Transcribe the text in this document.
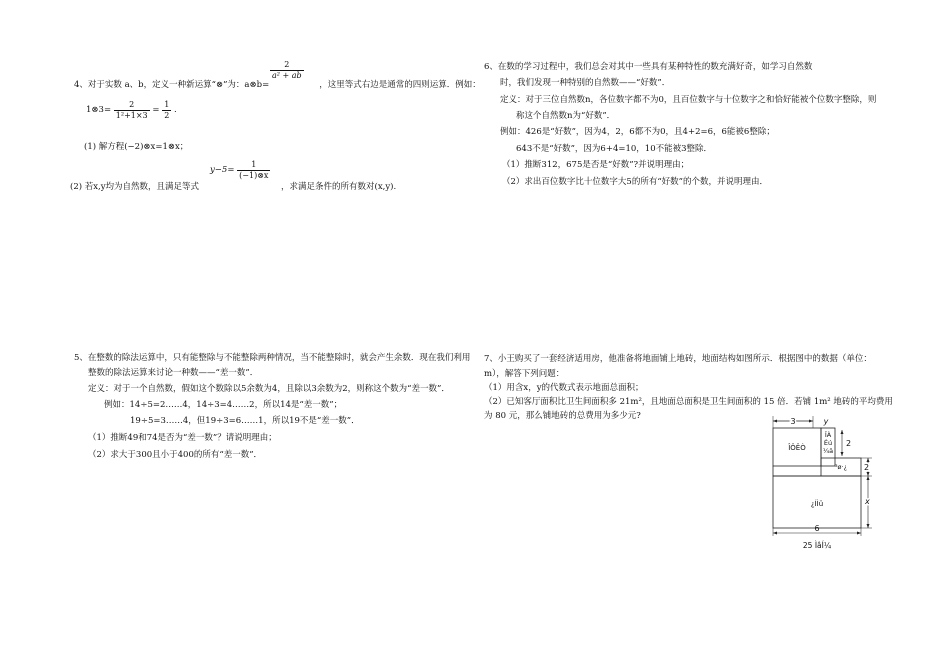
$\frac{2}{\text{a² + ab}}$
4、对于实数 a、b，定义一种新运算“⊗”为：a⊗b=	，这里等式右边是通常的四则运算．例如：
1⊗3= $\frac{2}{\text{1²+1×3}} = \frac{1}{2}$ .
(1) 解方程(−2)⊗x=1⊗x；
$y-5= \frac{1}{(-1)\otimes x}$
(2) 若x,y均为自然数，且满足等式	，求满足条件的所有数对(x,y).
5、在整数的除法运算中，只有能整除与不能整除两种情况，当不能整除时，就会产生余数．现在我们利用
整数的除法运算来讨论一种数——“差一数”．
定义：对于一个自然数，假如这个数除以5余数为4，且除以3余数为2，则称这个数为“差一数”．
例如：14÷5=2……4，14÷3=4……2，所以14是“差一数”；
19÷5=3……4，但19÷3=6……1，所以19不是“差一数”．
（1）推断49和74是否为“差一数”？请说明理由；
（2）求大于300且小于400的所有“差一数”．
6、在数的学习过程中，我们总会对其中一些具有某种特性的数充满好奇，如学习自然数
时，我们发现一种特别的自然数——“好数”．
定义：对于三位自然数n，各位数字都不为0，且百位数字与十位数字之和恰好能被个位数字整除，则
称这个自然数n为“好数”．
例如：426是“好数”，因为4，2，6都不为0，且4+2=6，6能被6整除；
643不是“好数”，因为6+4=10，10不能被3整除．
（1）推断312，675是否是“好数”?并说明理由；
（2）求出百位数字比十位数字大5的所有“好数”的个数，并说明理由．
7、小王购买了一套经济适用房，他准备将地面铺上地砖，地面结构如图所示．根据图中的数据（单位：
m），解答下列问题：
（1）用含x，y的代数式表示地面总面积；
（2）已知客厅面积比卫生间面积多 21m²，且地面总面积是卫生间面积的 15 倍．若铺 1m² 地砖的平均费用
为 80 元，那么铺地砖的总费用为多少元?
3	y
ÎÔÊÒ
ÎÀ
Éú
¼ä
2
³ø·¿
¿ÍÌü
2
x
6
25 ÌâÍ¼
